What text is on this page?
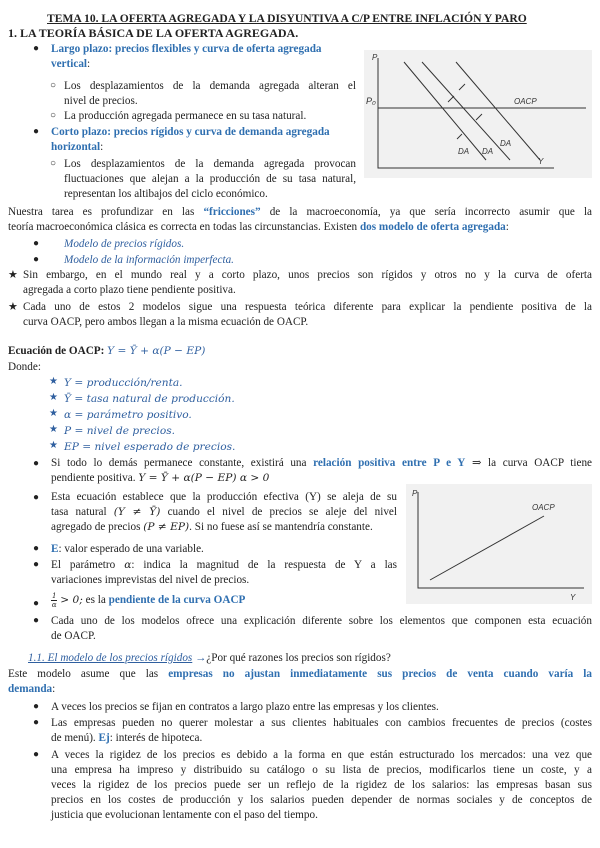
TEMA 10. LA OFERTA AGREGADA Y LA DISYUNTIVA A C/P ENTRE INFLACIÓN Y PARO
1. LA TEORÍA BÁSICA DE LA OFERTA AGREGADA.
● Largo plazo: precios flexibles y curva de oferta agregada vertical:
○ Los desplazamientos de la demanda agregada alteran el
nivel de precios.
○ La producción agregada permanece en su tasa natural.
● Corto plazo: precios rígidos y curva de demanda agregada horizontal:
○ Los desplazamientos de la demanda agregada provocan
fluctuaciones que alejan a la producción de su tasa natural,
representan los altibajos del ciclo económico.
P
P₀
Y
OACP
DA DA
DA
Nuestra tarea es profundizar en las “fricciones” de la macroeconomía, ya que sería incorrecto asumir que la
teoría macroeconómica clásica es correcta en todas las circunstancias. Existen dos modelo de oferta agregada:
● Modelo de precios rígidos.
● Modelo de la información imperfecta.
★ Sin embargo, en el mundo real y a corto plazo, unos precios son rígidos y otros no y la curva de oferta
agregada a corto plazo tiene pendiente positiva.
★ Cada uno de estos 2 modelos sigue una respuesta teórica diferente para explicar la pendiente positiva de la
curva OACP, pero ambos llegan a la misma ecuación de OACP.
Ecuación de OACP: Y = Ȳ + α(P − EP)
Donde:
★ Y = producción/renta.
★ Ȳ = tasa natural de producción.
★ α = parámetro positivo.
★ P = nivel de precios.
★ EP = nivel esperado de precios.
● Si todo lo demás permanece constante, existirá una relación positiva entre P e Y ⇒ la curva OACP tiene
pendiente positiva. Y = Ȳ + α(P − EP) α > 0
● Esta ecuación establece que la producción efectiva (Y) se aleja de su
tasa natural (Y ≠ Ȳ) cuando el nivel de precios se aleje del nivel
agregado de precios (P ≠ EP). Si no fuese así se mantendría constante.
● E: valor esperado de una variable.
● El parámetro α: indica la magnitud de la respuesta de Y a las
variaciones imprevistas del nivel de precios.
● $\frac{1}{\alpha} > 0$; es la pendiente de la curva OACP
● Cada uno de los modelos ofrece una explicación diferente sobre los elementos que componen esta ecuación
de OACP.
P
Y
OACP
1.1. El modelo de los precios rígidos →¿Por qué razones los precios son rígidos?
Este modelo asume que las empresas no ajustan inmediatamente sus precios de venta cuando varía la
demanda:
● A veces los precios se fijan en contratos a largo plazo entre las empresas y los clientes.
● Las empresas pueden no querer molestar a sus clientes habituales con cambios frecuentes de precios (costes
de menú). Ej: interés de hipoteca.
● A veces la rigidez de los precios es debido a la forma en que están estructurado los mercados: una vez que
una empresa ha impreso y distribuido su catálogo o su lista de precios, modificarlos tiene un coste, y a
veces la rigidez de los precios puede ser un reflejo de la rigidez de los salarios: las empresas basan sus
precios en los costes de producción y los salarios pueden depender de normas sociales y de conceptos de
justicia que evolucionan lentamente con el paso del tiempo.
